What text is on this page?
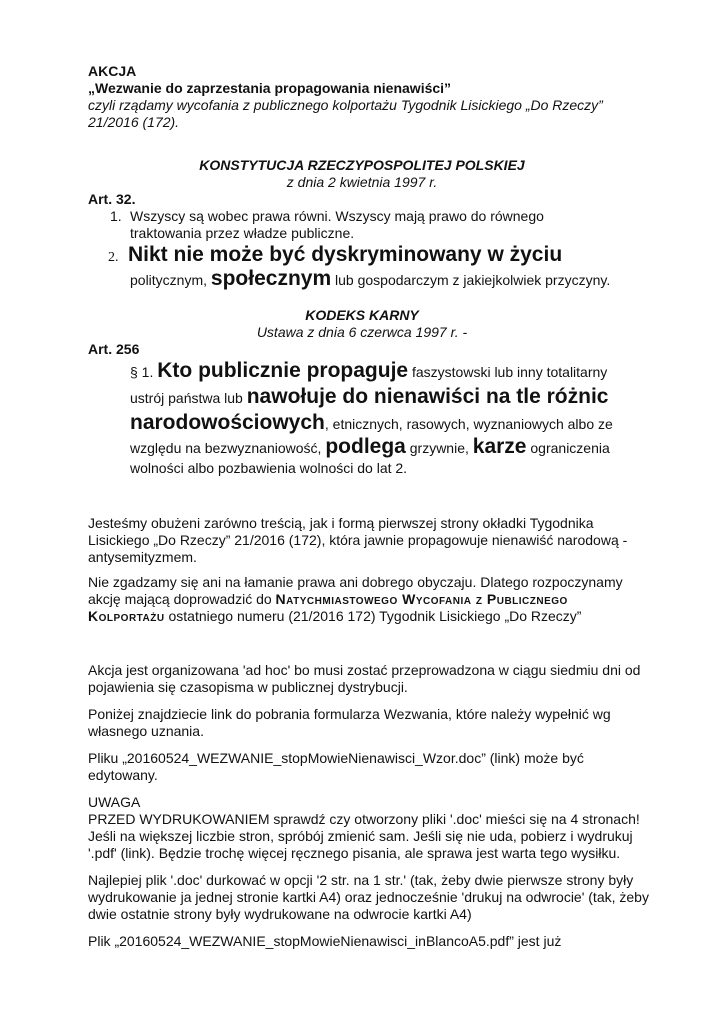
AKCJA
„Wezwanie do zaprzestania propagowania nienawiści”
czyli rządamy wycofania z publicznego kolportażu Tygodnik Lisickiego „Do Rzeczy”
21/2016 (172).
KONSTYTUCJA RZECZYPOSPOLITEJ POLSKIEJ
z dnia 2 kwietnia 1997 r.
Art. 32.
1. Wszyscy są wobec prawa równi. Wszyscy mają prawo do równego
traktowania przez władze publiczne.
2. Nikt nie może być dyskryminowany w życiu
politycznym, społecznym lub gospodarczym z jakiejkolwiek przyczyny.
KODEKS KARNY
Ustawa z dnia 6 czerwca 1997 r. -
Art. 256
§ 1. Kto publicznie propaguje faszystowski lub inny totalitarny
ustrój państwa lub nawołuje do nienawiści na tle różnic
narodowościowych, etnicznych, rasowych, wyznaniowych albo ze
względu na bezwyznaniowość, podlega grzywnie, karze ograniczenia
wolności albo pozbawienia wolności do lat 2.
Jesteśmy obużeni zarówno treścią, jak i formą pierwszej strony okładki Tygodnika
Lisickiego „Do Rzeczy” 21/2016 (172), która jawnie propagowuje nienawiść narodową -
antysemityzmem.
Nie zgadzamy się ani na łamanie prawa ani dobrego obyczaju. Dlatego rozpoczynamy
akcję mającą doprowadzić do Natychmiastowego Wycofania z Publicznego
Kolportażu ostatniego numeru (21/2016 172) Tygodnik Lisickiego „Do Rzeczy”
Akcja jest organizowana 'ad hoc' bo musi zostać przeprowadzona w ciągu siedmiu dni od
pojawienia się czasopisma w publicznej dystrybucji.
Poniżej znajdziecie link do pobrania formularza Wezwania, które należy wypełnić wg
własnego uznania.
Pliku „20160524_WEZWANIE_stopMowieNienawisci_Wzor.doc” (link) może być
edytowany.
UWAGA
PRZED WYDRUKOWANIEM sprawdź czy otworzony pliki '.doc' mieści się na 4 stronach!
Jeśli na większej liczbie stron, spróbój zmienić sam. Jeśli się nie uda, pobierz i wydrukuj
'.pdf' (link). Będzie trochę więcej ręcznego pisania, ale sprawa jest warta tego wysiłku.
Najlepiej plik '.doc' durkować w opcji '2 str. na 1 str.' (tak, żeby dwie pierwsze strony były
wydrukowanie ja jednej stronie kartki A4) oraz jednocześnie 'drukuj na odwrocie' (tak, żeby
dwie ostatnie strony były wydrukowane na odwrocie kartki A4)
Plik „20160524_WEZWANIE_stopMowieNienawisci_inBlancoA5.pdf” jest już
